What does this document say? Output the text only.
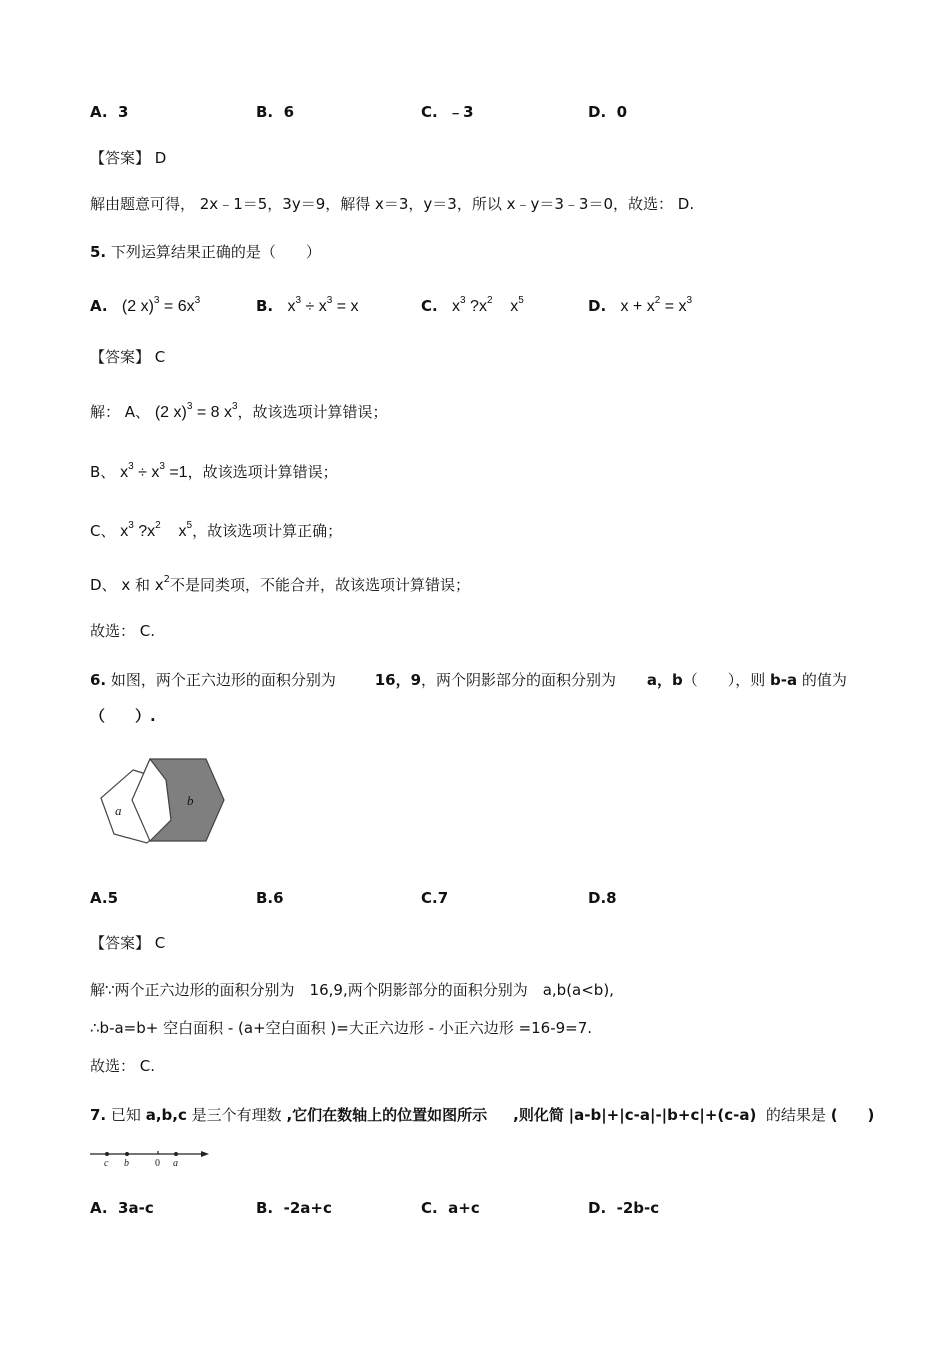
A. 3	B. 6	C. ﹣3	D. 0
【答案】 D
解由题意可得， 2x﹣1＝5，3y＝9，解得 x＝3，y＝3，所以 x﹣y＝3﹣3＝0，故选： D.
5. 下列运算结果正确的是（　　）
A. (2 $x)^3 = 6x^3$	B. $x^3 \div x^3 = x$	C. $x^3$ $?x^2$    $x^5$	D. $x + x^2 = x^3$
【答案】 C
解： A、 (2 x)$^3$ = 8 $x^3$，故该选项计算错误；
B、 $x^3 \div x^3 =1$，故该选项计算错误；
C、 $x^3$ $?x^2$    $x^5$，故该选项计算正确；
D、 x 和 $x^2$不是同类项，不能合并，故该选项计算错误；
故选： C.
6. 如图，两个正六边形的面积分别为	16，9，两个阴影部分的面积分别为 a，b（　　），则 b-a 的值为
（　　）.
a
b
A.5	B.6	C.7	D.8
【答案】 C
解∵两个正六边形的面积分别为　16,9,两个阴影部分的面积分别为　a,b(a<b),
∴b-a=b+ 空白面积 - (a+空白面积 )=大正六边形 - 小正六边形 =16-9=7.
故选： C.
7. 已知 a,b,c 是三个有理数 ,它们在数轴上的位置如图所示 ,则化简 |a-b|+|c-a|-|b+c|+(c-a) 的结果是 (　　)
c b	0 a
A. 3a-c	B. -2a+c	C. a+c	D. -2b-c
